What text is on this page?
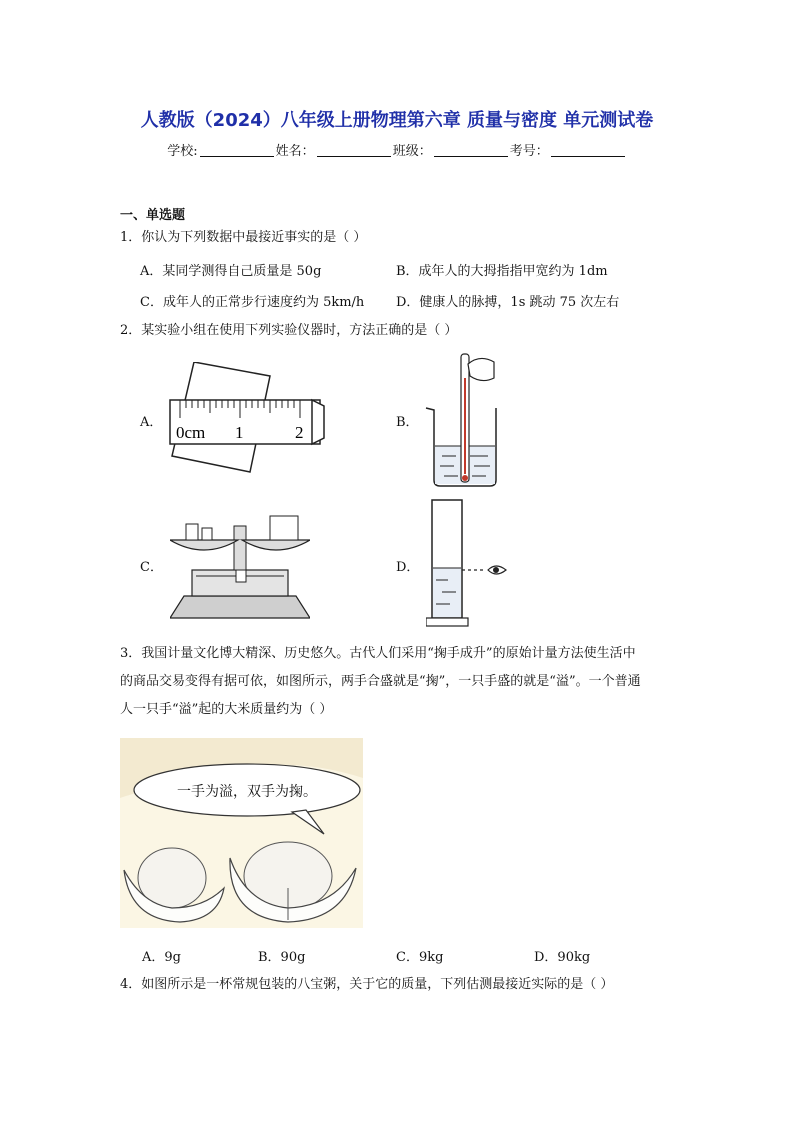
人教版（2024）八年级上册物理第六章 质量与密度 单元测试卷
学校:	姓名：	班级：	考号：
一、单选题
1．你认为下列数据中最接近事实的是（ ）
A．某同学测得自己质量是 50g	B．成年人的大拇指指甲宽约为 1dm
C．成年人的正常步行速度约为 5km/h D．健康人的脉搏，1s 跳动 75 次左右
2．某实验小组在使用下列实验仪器时，方法正确的是（ ）
A．
0cm 1	2
B．
C．	D．
3．我国计量文化博大精深、历史悠久。古代人们采用“掬手成升”的原始计量方法使生活中
的商品交易变得有据可依，如图所示，两手合盛就是“掬”，一只手盛的就是“溢”。一个普通
人一只手“溢”起的大米质量约为（ ）
一手为溢，双手为掬。
A．9g	B．90g	C．9kg	D．90kg
4．如图所示是一杯常规包装的八宝粥，关于它的质量，下列估测最接近实际的是（ ）
